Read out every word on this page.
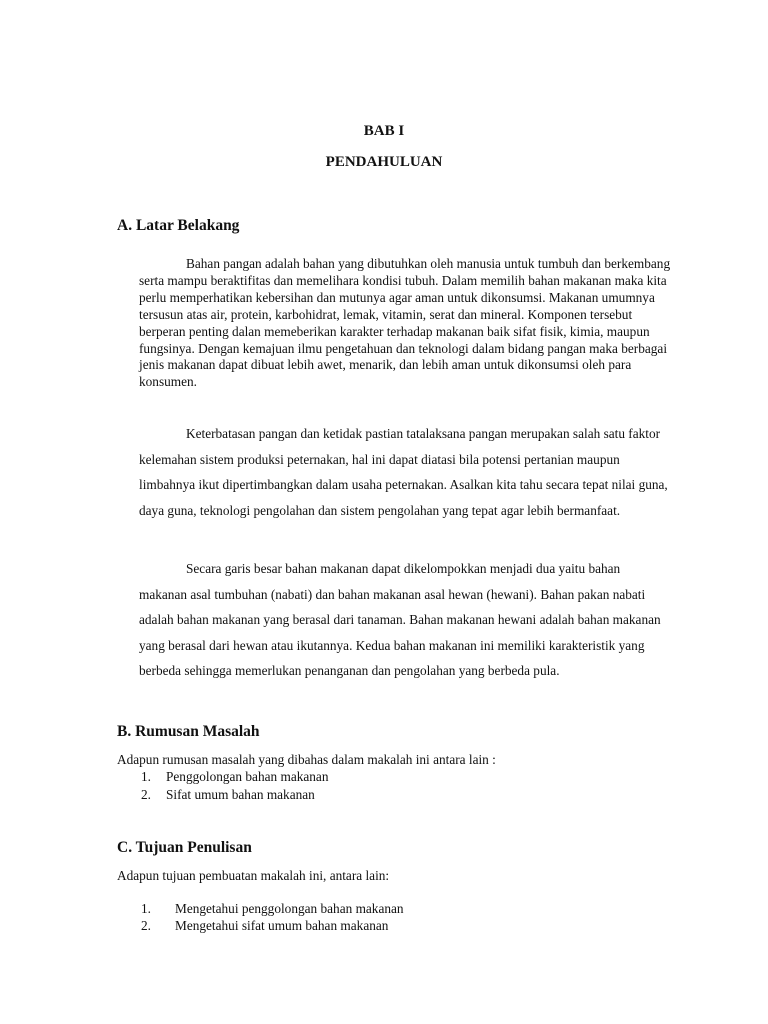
BAB I
PENDAHULUAN
A. Latar Belakang

Bahan pangan adalah bahan yang dibutuhkan oleh manusia untuk tumbuh dan berkembang serta mampu beraktifitas dan memelihara kondisi tubuh. Dalam memilih bahan makanan maka kita perlu memperhatikan kebersihan dan mutunya agar aman untuk dikonsumsi. Makanan umumnya tersusun atas air, protein, karbohidrat, lemak, vitamin, serat dan mineral. Komponen tersebut berperan penting dalan memeberikan karakter terhadap makanan baik sifat fisik, kimia, maupun fungsinya. Dengan kemajuan ilmu pengetahuan dan teknologi dalam bidang pangan maka berbagai jenis makanan dapat dibuat lebih awet, menarik, dan lebih aman untuk dikonsumsi oleh para konsumen.

Keterbatasan pangan dan ketidak pastian tatalaksana pangan merupakan salah satu faktor kelemahan sistem produksi peternakan, hal ini dapat diatasi bila potensi pertanian maupun limbahnya ikut dipertimbangkan dalam usaha peternakan. Asalkan kita tahu secara tepat nilai guna, daya guna, teknologi pengolahan dan sistem pengolahan yang tepat agar lebih bermanfaat.

Secara garis besar bahan makanan dapat dikelompokkan menjadi dua yaitu bahan makanan asal tumbuhan (nabati) dan bahan makanan asal hewan (hewani). Bahan pakan nabati adalah bahan makanan yang berasal dari tanaman. Bahan makanan hewani adalah bahan makanan yang berasal dari hewan atau ikutannya. Kedua bahan makanan ini memiliki karakteristik yang berbeda sehingga memerlukan penanganan dan pengolahan yang berbeda pula.

B. Rumusan Masalah
Adapun rumusan masalah yang dibahas dalam makalah ini antara lain :
1. Penggolongan bahan makanan
2. Sifat umum bahan makanan
C. Tujuan Penulisan
Adapun tujuan pembuatan makalah ini, antara lain:
1. Mengetahui penggolongan bahan makanan
2. Mengetahui sifat umum bahan makanan
